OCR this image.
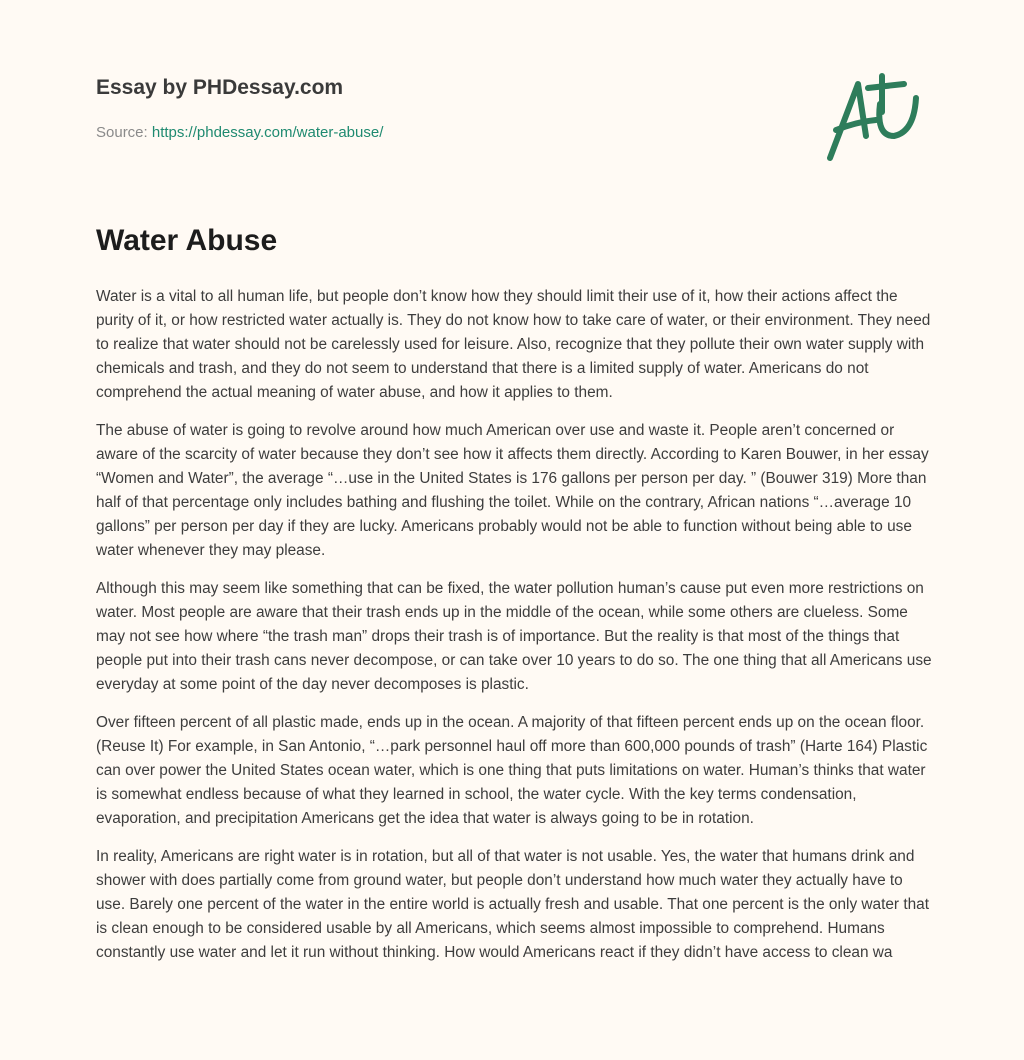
Essay by PHDessay.com
Source: https://phdessay.com/water-abuse/
Water Abuse

Water is a vital to all human life, but people don’t know how they should limit their use of it, how their actions affect the purity of it, or how restricted water actually is. They do not know how to take care of water, or their environment. They need to realize that water should not be carelessly used for leisure. Also, recognize that they pollute their own water supply with chemicals and trash, and they do not seem to understand that there is a limited supply of water. Americans do not comprehend the actual meaning of water abuse, and how it applies to them.

The abuse of water is going to revolve around how much American over use and waste it. People aren’t concerned or aware of the scarcity of water because they don’t see how it affects them directly. According to Karen Bouwer, in her essay “Women and Water”, the average “…use in the United States is 176 gallons per person per day. ” (Bouwer 319) More than half of that percentage only includes bathing and flushing the toilet. While on the contrary, African nations “…average 10 gallons” per person per day if they are lucky. Americans probably would not be able to function without being able to use water whenever they may please.

Although this may seem like something that can be fixed, the water pollution human’s cause put even more restrictions on water. Most people are aware that their trash ends up in the middle of the ocean, while some others are clueless. Some may not see how where “the trash man” drops their trash is of importance. But the reality is that most of the things that people put into their trash cans never decompose, or can take over 10 years to do so. The one thing that all Americans use everyday at some point of the day never decomposes is plastic.

Over fifteen percent of all plastic made, ends up in the ocean. A majority of that fifteen percent ends up on the ocean floor. (Reuse It) For example, in San Antonio, “…park personnel haul off more than 600,000 pounds of trash” (Harte 164) Plastic can over power the United States ocean water, which is one thing that puts limitations on water. Human’s thinks that water is somewhat endless because of what they learned in school, the water cycle. With the key terms condensation, evaporation, and precipitation Americans get the idea that water is always going to be in rotation.

In reality, Americans are right water is in rotation, but all of that water is not usable. Yes, the water that humans drink and shower with does partially come from ground water, but people don’t understand how much water they actually have to use. Barely one percent of the water in the entire world is actually fresh and usable. That one percent is the only water that is clean enough to be considered usable by all Americans, which seems almost impossible to comprehend. Humans constantly use water and let it run without thinking. How would Americans react if they didn’t have access to clean wa
